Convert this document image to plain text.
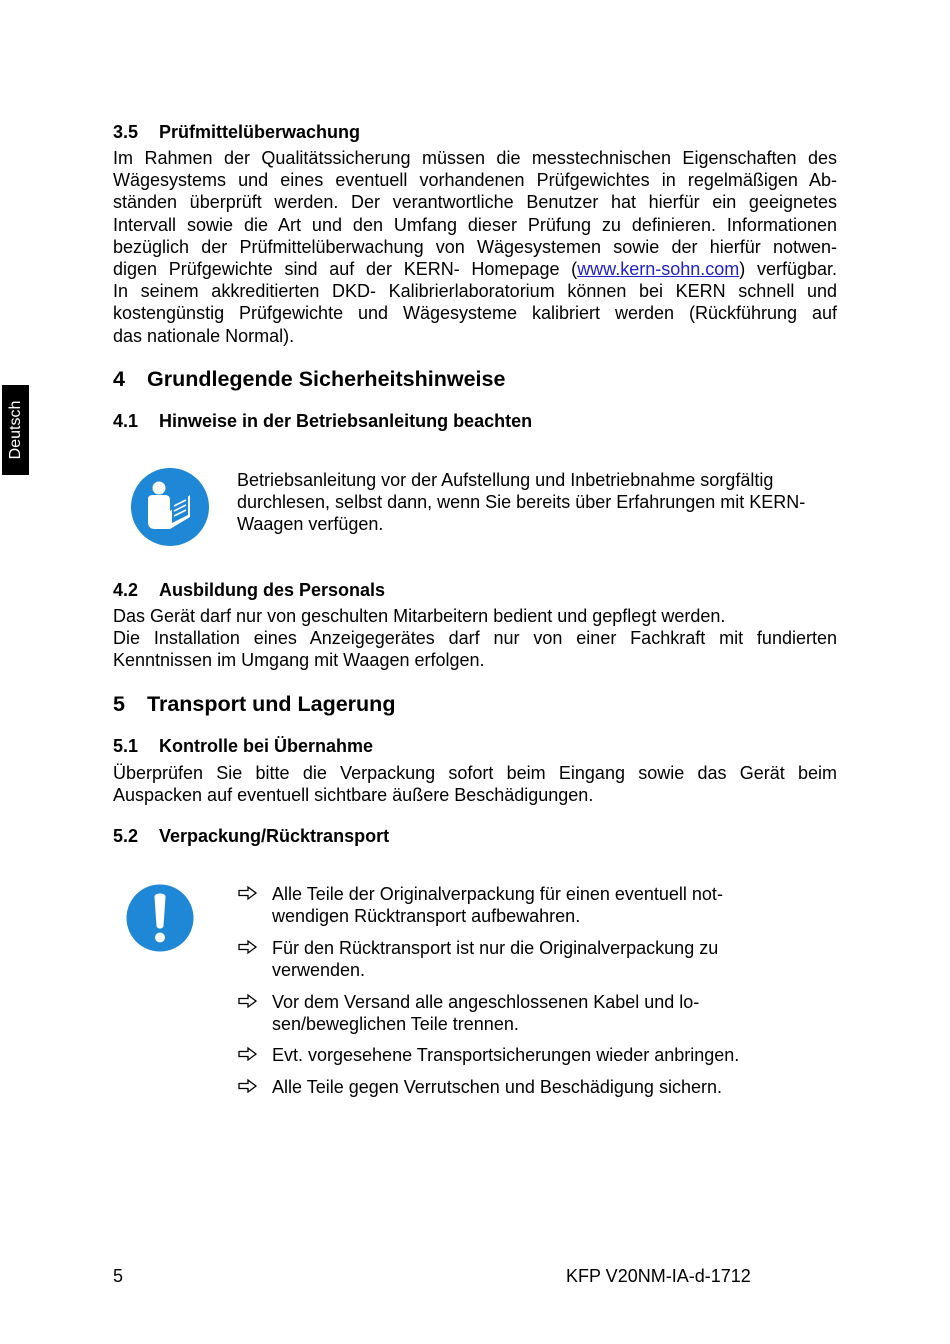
Deutsch
3.5 Prüfmittelüberwachung
Im Rahmen der Qualitätssicherung müssen die messtechnischen Eigenschaften des
Wägesystems und eines eventuell vorhandenen Prüfgewichtes in regelmäßigen Ab-
ständen überprüft werden. Der verantwortliche Benutzer hat hierfür ein geeignetes
Intervall sowie die Art und den Umfang dieser Prüfung zu definieren. Informationen
bezüglich der Prüfmittelüberwachung von Wägesystemen sowie der hierfür notwen-
digen Prüfgewichte sind auf der KERN- Homepage (www.kern-sohn.com) verfügbar.
In seinem akkreditierten DKD- Kalibrierlaboratorium können bei KERN schnell und
kostengünstig Prüfgewichte und Wägesysteme kalibriert werden (Rückführung auf
das nationale Normal).
4 Grundlegende Sicherheitshinweise
4.1 Hinweise in der Betriebsanleitung beachten
Betriebsanleitung vor der Aufstellung und Inbetriebnahme sorgfältig
durchlesen, selbst dann, wenn Sie bereits über Erfahrungen mit KERN-
Waagen verfügen.
4.2 Ausbildung des Personals
Das Gerät darf nur von geschulten Mitarbeitern bedient und gepflegt werden.
Die Installation eines Anzeigegerätes darf nur von einer Fachkraft mit fundierten
Kenntnissen im Umgang mit Waagen erfolgen.
5 Transport und Lagerung
5.1 Kontrolle bei Übernahme
Überprüfen Sie bitte die Verpackung sofort beim Eingang sowie das Gerät beim
Auspacken auf eventuell sichtbare äußere Beschädigungen.
5.2 Verpackung/Rücktransport
Alle Teile der Originalverpackung für einen eventuell not-
wendigen Rücktransport aufbewahren.
Für den Rücktransport ist nur die Originalverpackung zu
verwenden.
Vor dem Versand alle angeschlossenen Kabel und lo-
sen/beweglichen Teile trennen.
Evt. vorgesehene Transportsicherungen wieder anbringen.
Alle Teile gegen Verrutschen und Beschädigung sichern.
5	KFP V20NM-IA-d-1712
